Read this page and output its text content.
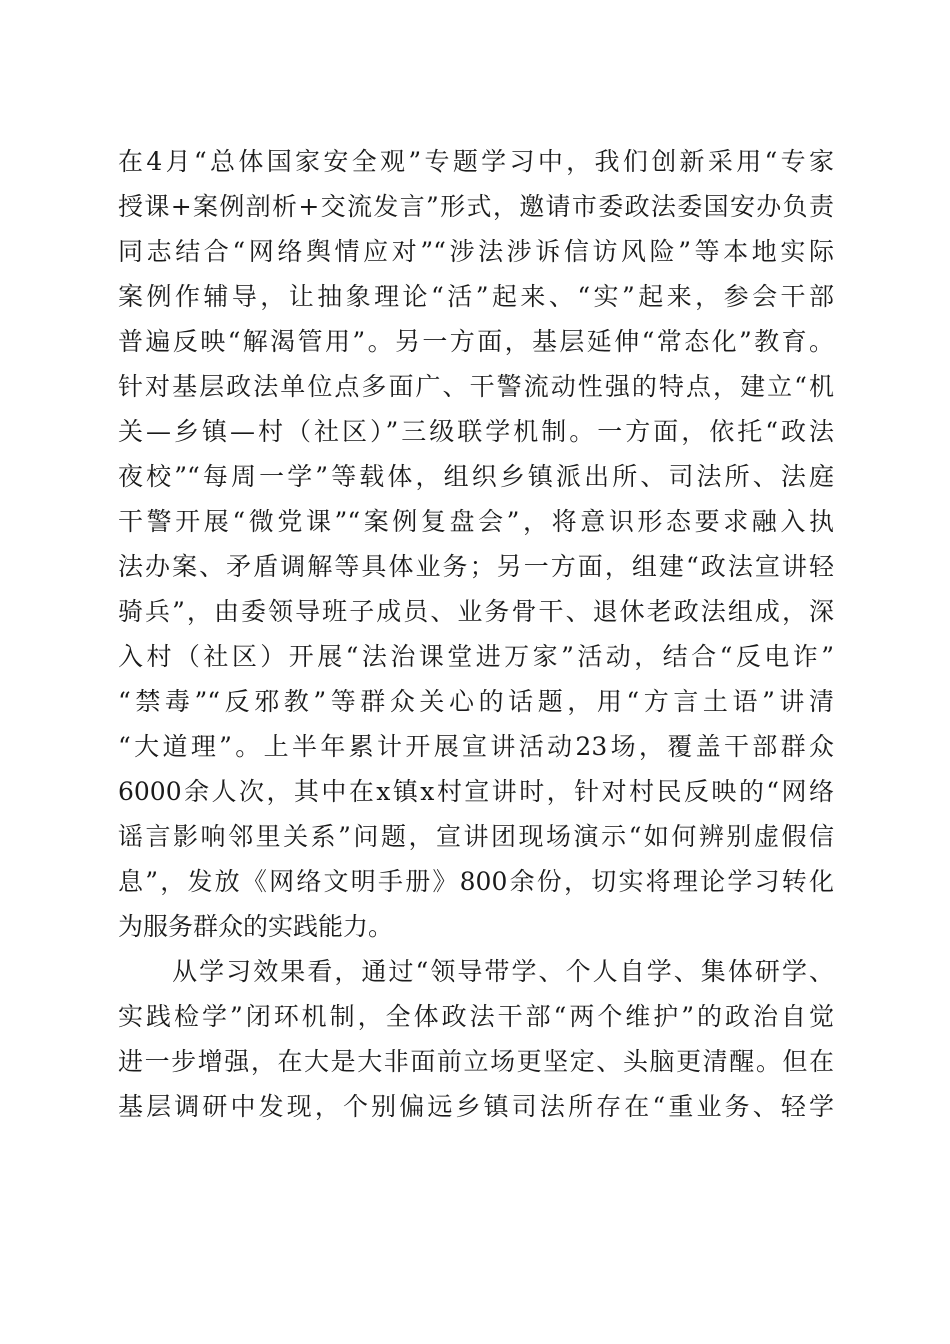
在4月“总体国家安全观”专题学习中，我们创新采用“专家
授课+案例剖析+交流发言”形式，邀请市委政法委国安办负责
同志结合“网络舆情应对”“涉法涉诉信访风险”等本地实际
案例作辅导，让抽象理论“活”起来、“实”起来，参会干部
普遍反映“解渴管用”。另一方面，基层延伸“常态化”教育。
针对基层政法单位点多面广、干警流动性强的特点，建立“机
关—乡镇—村（社区）”三级联学机制。一方面，依托“政法
夜校”“每周一学”等载体，组织乡镇派出所、司法所、法庭
干警开展“微党课”“案例复盘会”，将意识形态要求融入执
法办案、矛盾调解等具体业务；另一方面，组建“政法宣讲轻
骑兵”，由委领导班子成员、业务骨干、退休老政法组成，深
入村（社区）开展“法治课堂进万家”活动，结合“反电诈”
“禁毒”“反邪教”等群众关心的话题，用“方言土语”讲清
“大道理”。上半年累计开展宣讲活动23场，覆盖干部群众
6000余人次，其中在x镇x村宣讲时，针对村民反映的“网络
谣言影响邻里关系”问题，宣讲团现场演示“如何辨别虚假信
息”，发放《网络文明手册》800余份，切实将理论学习转化
为服务群众的实践能力。
　　从学习效果看，通过“领导带学、个人自学、集体研学、
实践检学”闭环机制，全体政法干部“两个维护”的政治自觉
进一步增强，在大是大非面前立场更坚定、头脑更清醒。但在
基层调研中发现，个别偏远乡镇司法所存在“重业务、轻学
